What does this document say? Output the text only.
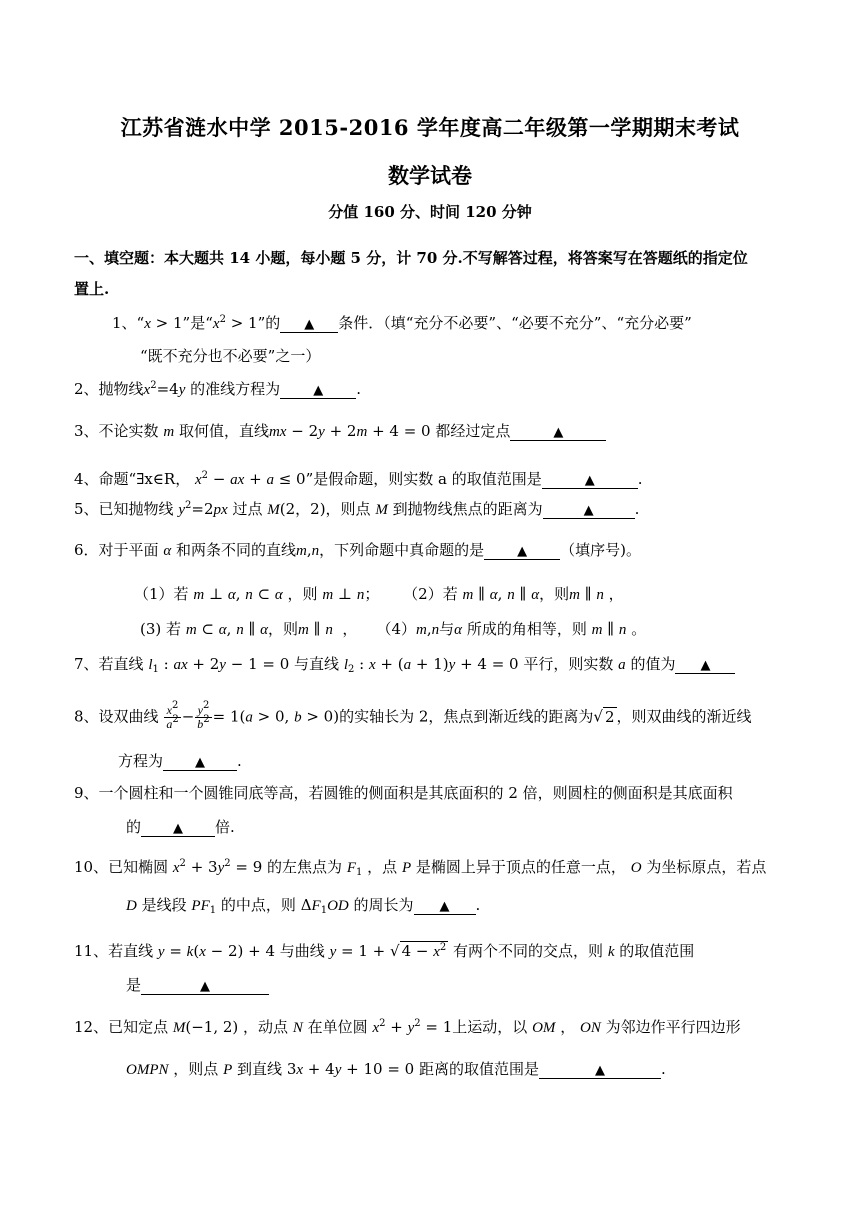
江苏省涟水中学 2015-2016 学年度高二年级第一学期期末考试
数学试卷
分值 160 分、时间 120 分钟
一、填空题：本大题共 14 小题，每小题 5 分，计 70 分.不写解答过程，将答案写在答题纸的指定位
置上.
1、“x > 1”是“$x^2 > 1$”的 ▲ 条件．（填“充分不必要”、“必要不充分”、“充分必要”
“既不充分也不必要”之一）
2、抛物线$x^2=4y$ 的准线方程为	▲ .
3、不论实数 m 取何值，直线mx − 2y + 2m + 4 = 0 都经过定点	▲
4、命题“∃x∈R， $x^2$ − ax + a ≤ 0”是假命题，则实数 a 的取值范围是	▲	.
5、已知抛物线 $y^2=2px$ 过点 M(2，2)，则点 M 到抛物线焦点的距离为	▲	.
6．对于平面 α 和两条不同的直线m,n，下列命题中真命题的是	▲ （填序号)。
（1）若 m ⊥ α, n ⊂ α ，则 m ⊥ n；     （2）若 m ∥ α, n ∥ α，则m ∥ n ，
(3) 若 m ⊂ α, n ∥ α，则m ∥ n  ，    （4）m,n与α 所成的角相等，则 m ∥ n 。
7、若直线 $l_1$ : ax + 2y − 1 = 0 与直线 $l_2$ : x + (a + 1)y + 4 = 0 平行，则实数 a 的值为 ▲
8、设双曲线 $\frac{x^2}{a^2} - \frac{y^2}{b^2} = 1(a > 0$, b > 0)的实轴长为 2，焦点到渐近线的距离为√ 2 ，则双曲线的渐近线
方程为 ▲ .
9、一个圆柱和一个圆锥同底等高，若圆锥的侧面积是其底面积的 2 倍，则圆柱的侧面积是其底面积
的 ▲ 倍.
10、已知椭圆 $x^2 + 3y^2 = 9$ 的左焦点为 $F_1$ ，点 P 是椭圆上异于顶点的任意一点， O 为坐标原点，若点
D 是线段 $PF_1$ 的中点，则 $\Delta F_1OD$ 的周长为 ▲ .
11、若直线 y = k(x − 2) + 4 与曲线 y = 1 + √ $4 - x^2$ 有两个不同的交点，则 k 的取值范围
是	▲
12、已知定点 M(−1, 2) ，动点 N 在单位圆 $x^2 + y^2 = 1$上运动，以 OM ， ON 为邻边作平行四边形
OMPN ，则点 P 到直线 3x + 4y + 10 = 0 距离的取值范围是	▲	.
